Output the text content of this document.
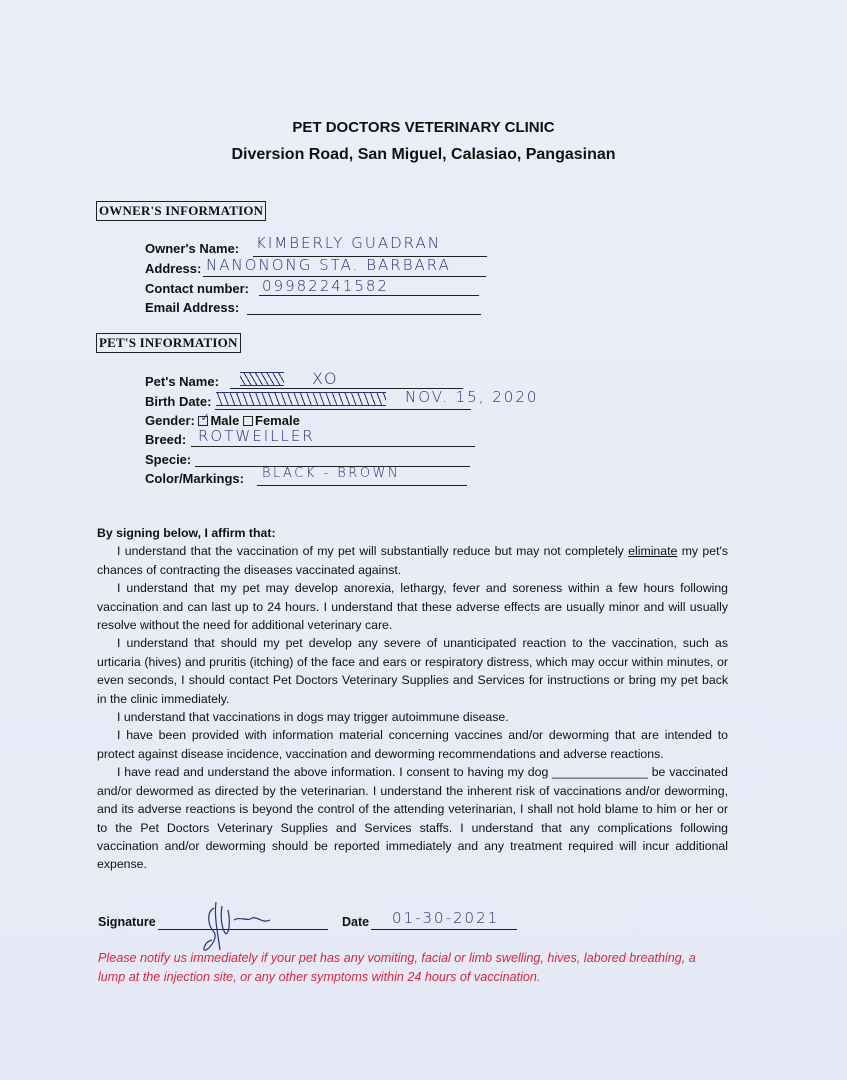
PET DOCTORS VETERINARY CLINIC
Diversion Road, San Miguel, Calasiao, Pangasinan
OWNER'S INFORMATION
Owner's Name: KIMBERLY GUADRAN
Address: NANONONG STA. BARBARA
Contact number: 09982241582
Email Address:
PET'S INFORMATION
Pet's Name:	XO
Birth Date:	NOV. 15, 2020
Gender: ✓ Male Female
Breed: ROTWEILLER
Specie:
Color/Markings: BLACK - BROWN

By signing below, I affirm that:

I understand that the vaccination of my pet will substantially reduce but may not completely eliminate my pet's chances of contracting the diseases vaccinated against.

I understand that my pet may develop anorexia, lethargy, fever and soreness within a few hours following vaccination and can last up to 24 hours. I understand that these adverse effects are usually minor and will usually resolve without the need for additional veterinary care.

I understand that should my pet develop any severe of unanticipated reaction to the vaccination, such as urticaria (hives) and pruritis (itching) of the face and ears or respiratory distress, which may occur within minutes, or even seconds, I should contact Pet Doctors Veterinary Supplies and Services for instructions or bring my pet back in the clinic immediately.

I understand that vaccinations in dogs may trigger autoimmune disease.

I have been provided with information material concerning vaccines and/or deworming that are intended to protect against disease incidence, vaccination and deworming recommendations and adverse reactions.

I have read and understand the above information. I consent to having my dog ______________ be vaccinated and/or dewormed as directed by the veterinarian. I understand the inherent risk of vaccinations and/or deworming, and its adverse reactions is beyond the control of the attending veterinarian, I shall not hold blame to him or her or to the Pet Doctors Veterinary Supplies and Services staffs. I understand that any complications following vaccination and/or deworming should be reported immediately and any treatment required will incur additional expense.

Signature	Date 01-30-2021
Please notify us immediately if your pet has any vomiting, facial or limb swelling, hives, labored breathing, a lump at the injection site, or any other symptoms within 24 hours of vaccination.
